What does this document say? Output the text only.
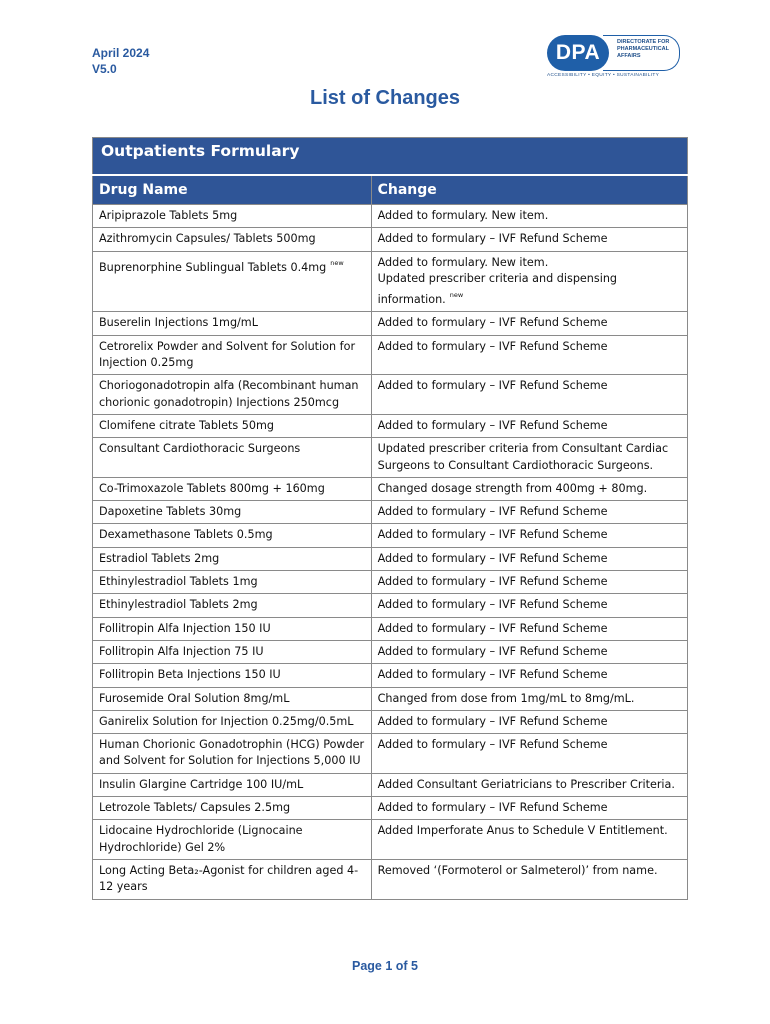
April 2024
V5.0
DPA	DIRECTORATE FOR
PHARMACEUTICAL
AFFAIRS
ACCESSIBILITY • EQUITY • SUSTAINABILITY
List of Changes
Outpatients Formulary	
Drug Name	Change
Aripiprazole Tablets 5mg	Added to formulary. New item.

Azithromycin Capsules/ Tablets 500mg	Added to formulary – IVF Refund Scheme

Buprenorphine Sublingual Tablets 0.4mg $^{new}$	Added to formulary. New item.
Updated prescriber criteria and dispensing information. $^{new}$

Buserelin Injections 1mg/mL	Added to formulary – IVF Refund Scheme

Cetrorelix Powder and Solvent for Solution for Injection 0.25mg	Added to formulary – IVF Refund Scheme

Choriogonadotropin alfa (Recombinant human chorionic gonadotropin) Injections 250mcg	Added to formulary – IVF Refund Scheme

Clomifene citrate Tablets 50mg	Added to formulary – IVF Refund Scheme

Consultant Cardiothoracic Surgeons	Updated prescriber criteria from Consultant Cardiac Surgeons to Consultant Cardiothoracic Surgeons.

Co-Trimoxazole Tablets 800mg + 160mg	Changed dosage strength from 400mg + 80mg.

Dapoxetine Tablets 30mg	Added to formulary – IVF Refund Scheme

Dexamethasone Tablets 0.5mg	Added to formulary – IVF Refund Scheme

Estradiol Tablets 2mg	Added to formulary – IVF Refund Scheme

Ethinylestradiol Tablets 1mg	Added to formulary – IVF Refund Scheme

Ethinylestradiol Tablets 2mg	Added to formulary – IVF Refund Scheme

Follitropin Alfa Injection 150 IU	Added to formulary – IVF Refund Scheme

Follitropin Alfa Injection 75 IU	Added to formulary – IVF Refund Scheme

Follitropin Beta Injections 150 IU	Added to formulary – IVF Refund Scheme

Furosemide Oral Solution 8mg/mL	Changed from dose from 1mg/mL to 8mg/mL.

Ganirelix Solution for Injection 0.25mg/0.5mL	Added to formulary – IVF Refund Scheme

Human Chorionic Gonadotrophin (HCG) Powder and Solvent for Solution for Injections 5,000 IU	Added to formulary – IVF Refund Scheme

Insulin Glargine Cartridge 100 IU/mL	Added Consultant Geriatricians to Prescriber Criteria.

Letrozole Tablets/ Capsules 2.5mg	Added to formulary – IVF Refund Scheme

Lidocaine Hydrochloride (Lignocaine Hydrochloride) Gel 2%	Added Imperforate Anus to Schedule V Entitlement.

Long Acting Beta₂-Agonist for children aged 4-12 years	Removed ‘(Formoterol or Salmeterol)’ from name.
Page 1 of 5
